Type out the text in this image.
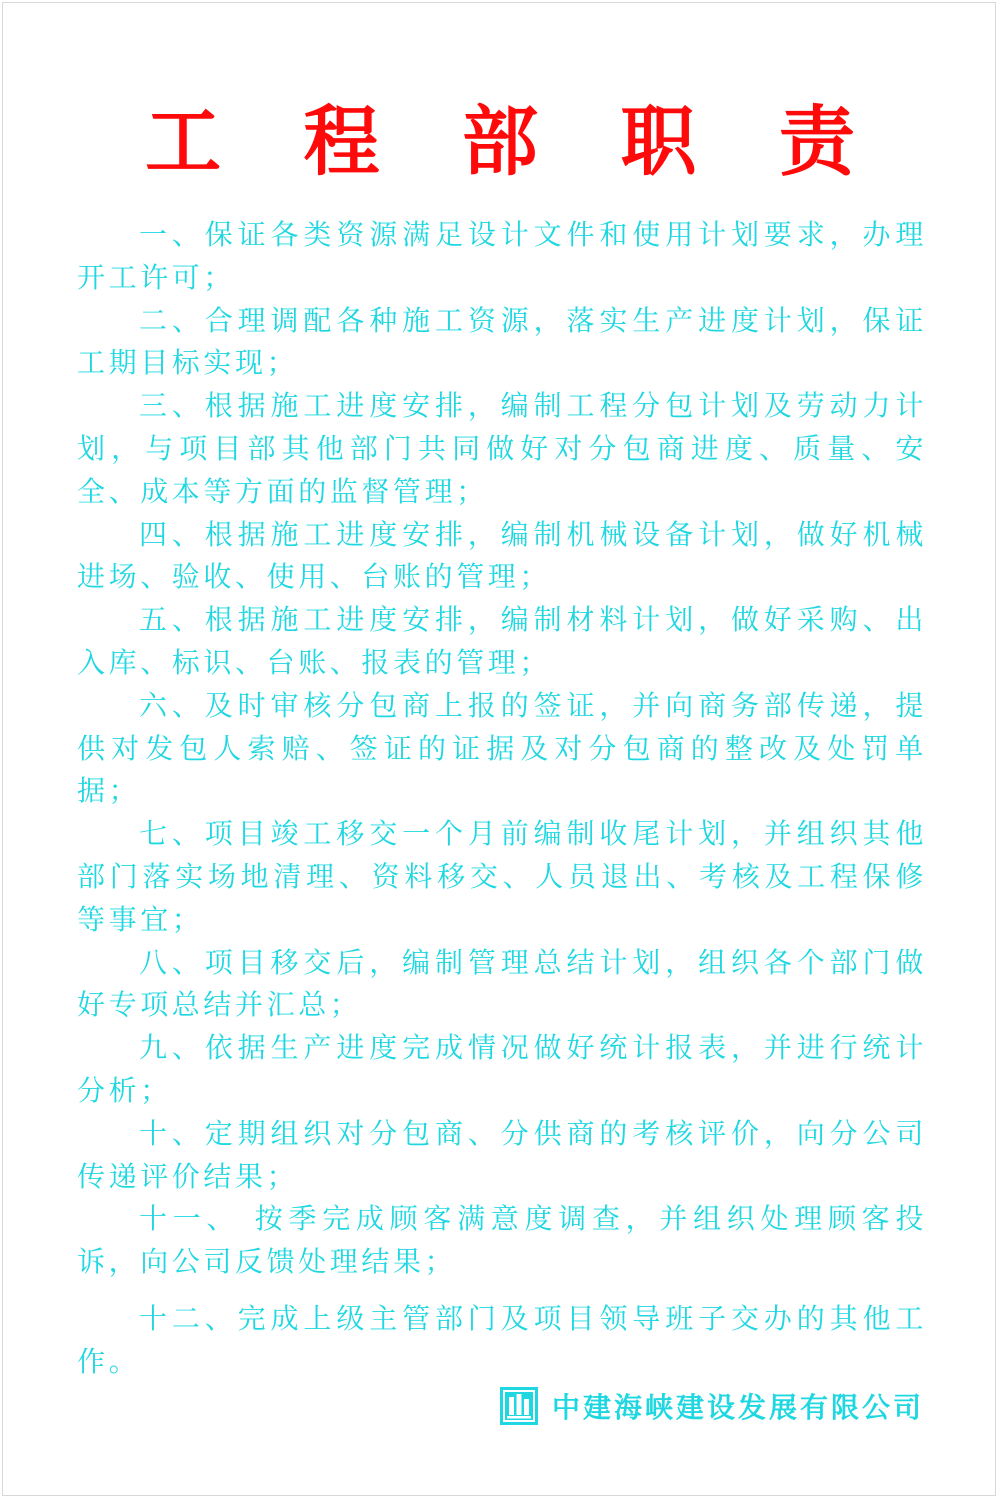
工 程 部 职 责

一、保证各类资源满足设计文件和使用计划要求，办理开工许可；

二、合理调配各种施工资源，落实生产进度计划，保证工期目标实现；

三、根据施工进度安排，编制工程分包计划及劳动力计划，与项目部其他部门共同做好对分包商进度、质量、安全、成本等方面的监督管理；

四、根据施工进度安排，编制机械设备计划，做好机械进场、验收、使用、台账的管理；

五、根据施工进度安排，编制材料计划，做好采购、出入库、标识、台账、报表的管理；

六、及时审核分包商上报的签证，并向商务部传递，提供对发包人索赔、签证的证据及对分包商的整改及处罚单据；

七、项目竣工移交一个月前编制收尾计划，并组织其他部门落实场地清理、资料移交、人员退出、考核及工程保修等事宜；

八、项目移交后，编制管理总结计划，组织各个部门做好专项总结并汇总；

九、依据生产进度完成情况做好统计报表，并进行统计分析；

十、定期组织对分包商、分供商的考核评价，向分公司传递评价结果；

十一、 按季完成顾客满意度调查，并组织处理顾客投诉，向公司反馈处理结果；

十二、完成上级主管部门及项目领导班子交办的其他工作。

中建海峡建设发展有限公司
